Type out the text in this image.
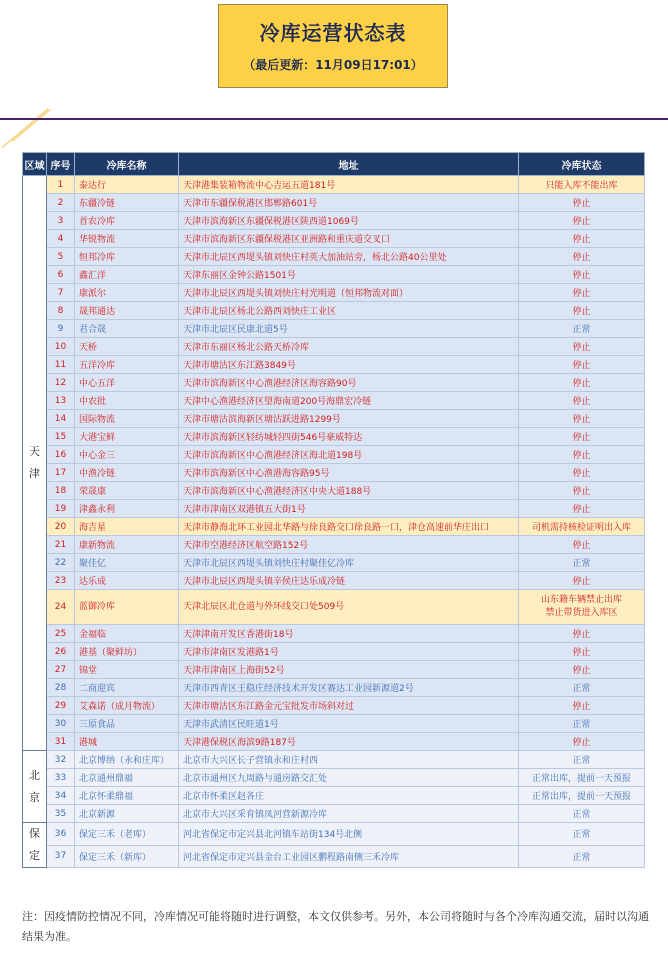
冷库运营状态表
（最后更新：11月09日17:01）
区域	序号	冷库名称	地址	冷库状态
天
津	1	泰达行	天津港集装箱物流中心吉运五道181号	只能入库不能出库
	2	东疆冷链	天津市东疆保税港区邯郸路601号	停止
	3	首农冷库	天津市滨海新区东疆保税港区陕西道1069号	停止
	4	华锐物流	天津市滨海新区东疆保税港区亚洲路和重庆道交叉口	停止
	5	恒邦冷库	天津市北辰区西堤头镇刘快庄村英大加油站旁，杨北公路40公里处	停止
	6	鑫汇洋	天津东丽区金钟公路1501号	停止
	7	康派尔	天津市北辰区西堤头镇刘快庄村光明道（恒邦物流对面）	停止
	8	晟邦通达	天津市北辰区杨北公路西刘快庄工业区	停止
	9	君合晟	天津市北辰区民康北道5号	正常
	10	天桥	天津市东丽区杨北公路天桥冷库	停止
	11	五洋冷库	天津市塘沽区东江路3849号	停止
	12	中心五洋	天津市滨海新区中心渔港经济区海容路90号	停止
	13	中农批	天津中心渔港经济区望海南道200号海鼎宏冷链	停止
	14	国际物流	天津市塘沽滨海新区塘沽跃进路1299号	停止
	15	大港宝鲜	天津市滨海新区轻纺城轻四街546号豪威特达	停止
	16	中心金三	天津市滨海新区中心渔港经济区海北道198号	停止
	17	中渔冷链	天津市滨海新区中心渔港海容路95号	停止
	18	荣晟康	天津市滨海新区中心渔港经济区中央大道188号	停止
	19	津鑫永利	天津市津南区双港镇五大街1号	停止
	20	海吉星	天津市静海北环工业园北华路与徐良路交口徐良路一口，津仓高速前华庄出口	司机需持核检证明出入库
	21	康新物流	天津市空港经济区航空路152号	停止
	22	聚佳亿	天津市北辰区西堤头镇刘快庄村聚佳亿冷库	正常
	23	达乐成	天津市北辰区西堤头镇辛侯庄达乐成冷链	停止
	24	蓝御冷库	天津北辰区北仓道与外环线交口处509号	山东籍车辆禁止出库
禁止带货进入库区
	25	金福临	天津津南开发区香港街18号	停止
	26	港基（聚鲜坊）	天津市津南区发港路1号	停止
	27	锦堂	天津市津南区上海街52号	停止
	28	二商迎宾	天津市西青区王稳庄经济技术开发区赛达工业园新源道2号	正常
	29	艾森诺（成月物流）	天津市塘沽区东江路金元宝批发市场斜对过	停止
	30	三原食品	天津市武清区民旺道1号	正常
	31	港城	天津港保税区海滨9路187号	停止
北
京	32	北京博纳（永和庄库）	北京市大兴区长子营镇永和庄村西	正常
	33	北京通州鼎福	北京市通州区九周路与通房路交汇处	正常出库，提前一天预报
	34	北京怀柔鼎福	北京市怀柔区赵各庄	正常出库，提前一天预报
	35	北京新源	北京市大兴区采育镇凤河营新源冷库	正常
保
定	36	保定三禾（老库）	河北省保定市定兴县北河镇车站街134号北侧	正常
	37	保定三禾（新库）	河北省保定市定兴县金台工业园区鹏程路南侧三禾冷库	正常
注：因疫情防控情况不同，冷库情况可能将随时进行调整，本文仅供参考。另外，本公司将随时与各个冷库沟通交流，届时以沟通结果为准。
